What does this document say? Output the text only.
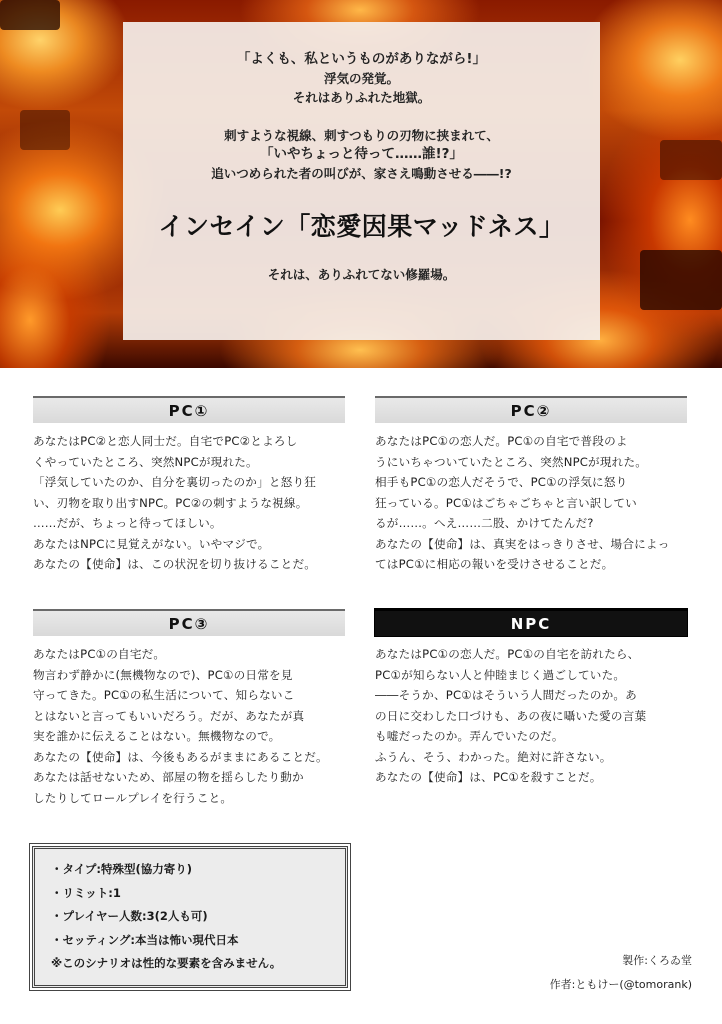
「よくも、私というものがありながら!」
浮気の発覚。
それはありふれた地獄。
刺すような視線、刺すつもりの刃物に挟まれて、
「いやちょっと待って……誰!?」
追いつめられた者の叫びが、家さえ鳴動させる――!?
インセイン「恋愛因果マッドネス」
それは、ありふれてない修羅場。
PC①

あなたはPC②と恋人同士だ。自宅でPC②とよろし

くやっていたところ、突然NPCが現れた。

「浮気していたのか、自分を裏切ったのか」と怒り狂

い、刃物を取り出すNPC。PC②の刺すような視線。

……だが、ちょっと待ってほしい。

あなたはNPCに見覚えがない。いやマジで。

あなたの【使命】は、この状況を切り抜けることだ。

PC②

あなたはPC①の恋人だ。PC①の自宅で普段のよ

うにいちゃついていたところ、突然NPCが現れた。

相手もPC①の恋人だそうで、PC①の浮気に怒り

狂っている。PC①はごちゃごちゃと言い訳してい

るが……。へえ……二股、かけてたんだ?

あなたの【使命】は、真実をはっきりさせ、場合によっ

てはPC①に相応の報いを受けさせることだ。

PC③

あなたはPC①の自宅だ。

物言わず静かに(無機物なので)、PC①の日常を見

守ってきた。PC①の私生活について、知らないこ

とはないと言ってもいいだろう。だが、あなたが真

実を誰かに伝えることはない。無機物なので。

あなたの【使命】は、今後もあるがままにあることだ。

あなたは話せないため、部屋の物を揺らしたり動か

したりしてロールプレイを行うこと。

NPC

あなたはPC①の恋人だ。PC①の自宅を訪れたら、

PC①が知らない人と仲睦まじく過ごしていた。

――そうか、PC①はそういう人間だったのか。あ

の日に交わした口づけも、あの夜に囁いた愛の言葉

も嘘だったのか。弄んでいたのだ。

ふうん、そう、わかった。絶対に許さない。

あなたの【使命】は、PC①を殺すことだ。

・タイプ:特殊型(協力寄り)
・リミット:1
・プレイヤー人数:3(2人も可)
・セッティング:本当は怖い現代日本
※このシナリオは性的な要素を含みません。	製作:くろゐ堂
作者:ともけー(@tomorank)
